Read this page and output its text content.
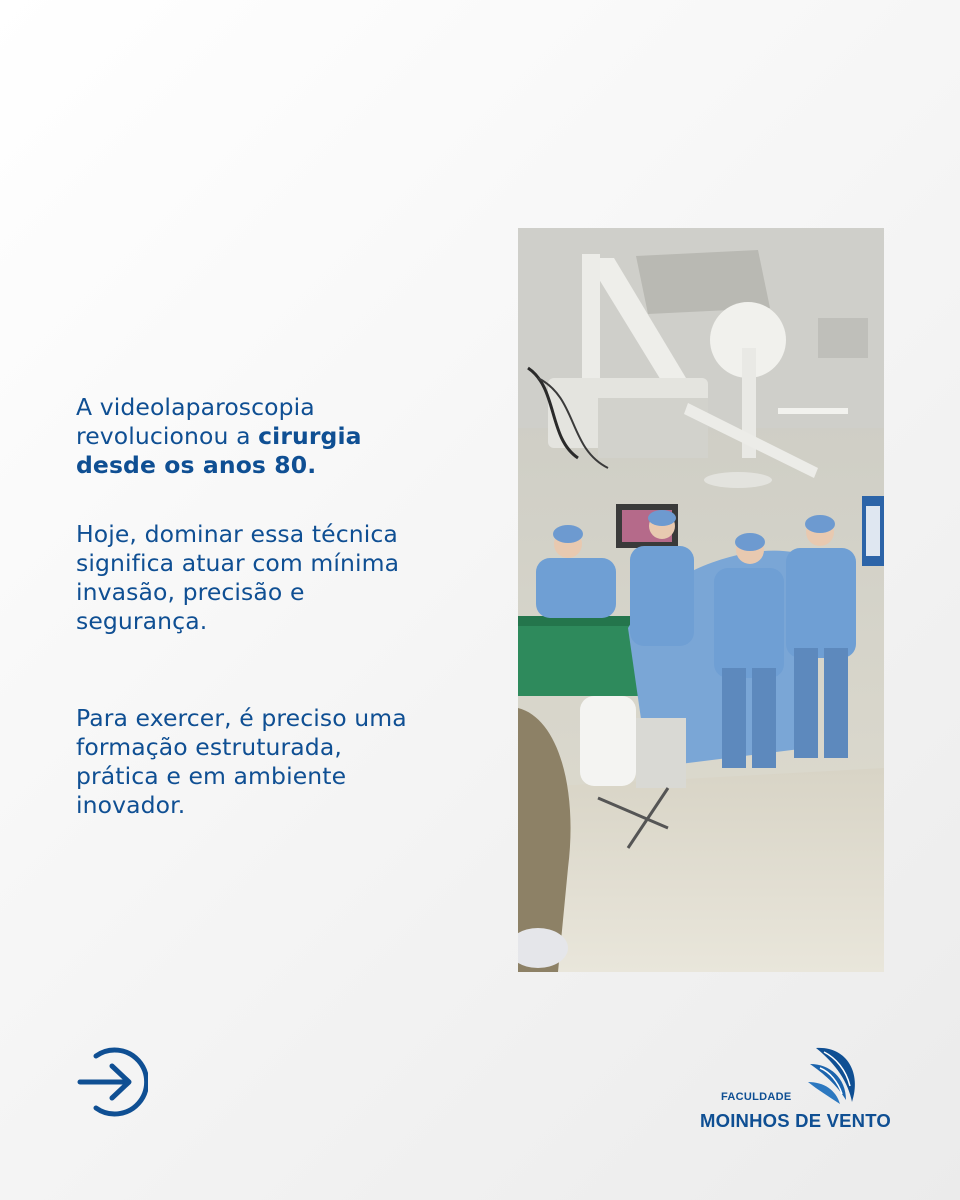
A videolaparoscopia
revolucionou a cirurgia
desde os anos 80.
Hoje, dominar essa técnica
significa atuar com mínima
invasão, precisão e
segurança.
Para exercer, é preciso uma
formação estruturada,
prática e em ambiente
inovador.
FACULDADE
MOINHOS DE VENTO
